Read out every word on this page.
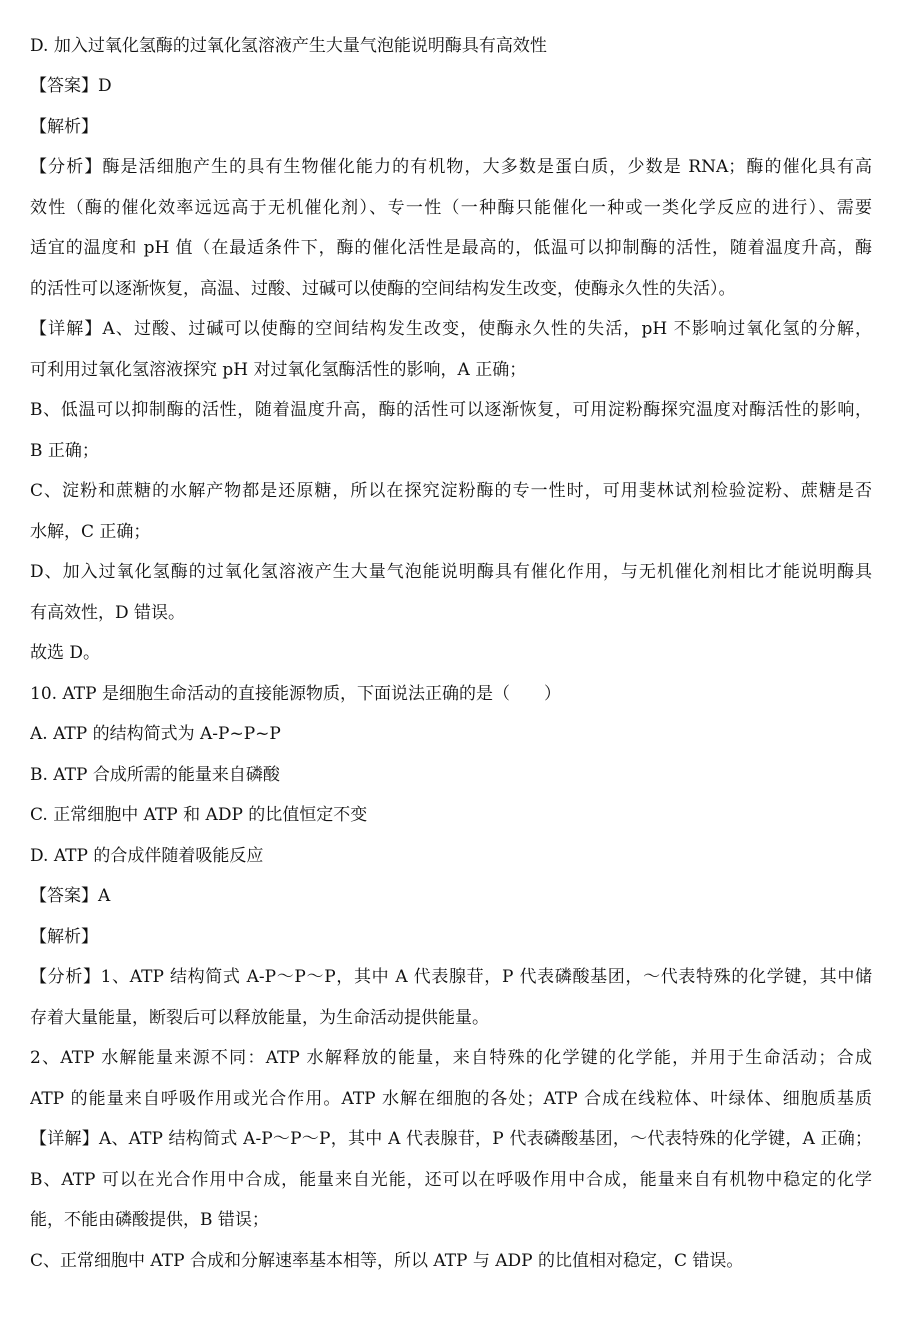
D. 加入过氧化氢酶的过氧化氢溶液产生大量气泡能说明酶具有高效性
【答案】D
【解析】
【分析】酶是活细胞产生的具有生物催化能力的有机物，大多数是蛋白质，少数是 RNA；酶的催化具有高
效性（酶的催化效率远远高于无机催化剂）、专一性（一种酶只能催化一种或一类化学反应的进行）、需要
适宜的温度和 pH 值（在最适条件下，酶的催化活性是最高的，低温可以抑制酶的活性，随着温度升高，酶
的活性可以逐渐恢复，高温、过酸、过碱可以使酶的空间结构发生改变，使酶永久性的失活）。
【详解】A、过酸、过碱可以使酶的空间结构发生改变，使酶永久性的失活，pH 不影响过氧化氢的分解，
可利用过氧化氢溶液探究 pH 对过氧化氢酶活性的影响，A 正确；
B、低温可以抑制酶的活性，随着温度升高，酶的活性可以逐渐恢复，可用淀粉酶探究温度对酶活性的影响，
B 正确；
C、淀粉和蔗糖的水解产物都是还原糖，所以在探究淀粉酶的专一性时，可用斐林试剂检验淀粉、蔗糖是否
水解，C 正确；
D、加入过氧化氢酶的过氧化氢溶液产生大量气泡能说明酶具有催化作用，与无机催化剂相比才能说明酶具
有高效性，D 错误。
故选 D。
10. ATP 是细胞生命活动的直接能源物质，下面说法正确的是（　　）
A. ATP 的结构简式为 A-P~P~P
B. ATP 合成所需的能量来自磷酸
C. 正常细胞中 ATP 和 ADP 的比值恒定不变
D. ATP 的合成伴随着吸能反应
【答案】A
【解析】
【分析】1、ATP 结构简式 A-P～P～P，其中 A 代表腺苷，P 代表磷酸基团，～代表特殊的化学键，其中储
存着大量能量，断裂后可以释放能量，为生命活动提供能量。
2、ATP 水解能量来源不同：ATP 水解释放的能量，来自特殊的化学键的化学能，并用于生命活动；合成
ATP 的能量来自呼吸作用或光合作用。ATP 水解在细胞的各处；ATP 合成在线粒体、叶绿体、细胞质基质
【详解】A、ATP 结构简式 A-P～P～P，其中 A 代表腺苷，P 代表磷酸基团，～代表特殊的化学键，A 正确；
B、ATP 可以在光合作用中合成，能量来自光能，还可以在呼吸作用中合成，能量来自有机物中稳定的化学
能，不能由磷酸提供，B 错误；
C、正常细胞中 ATP 合成和分解速率基本相等，所以 ATP 与 ADP 的比值相对稳定，C 错误。
